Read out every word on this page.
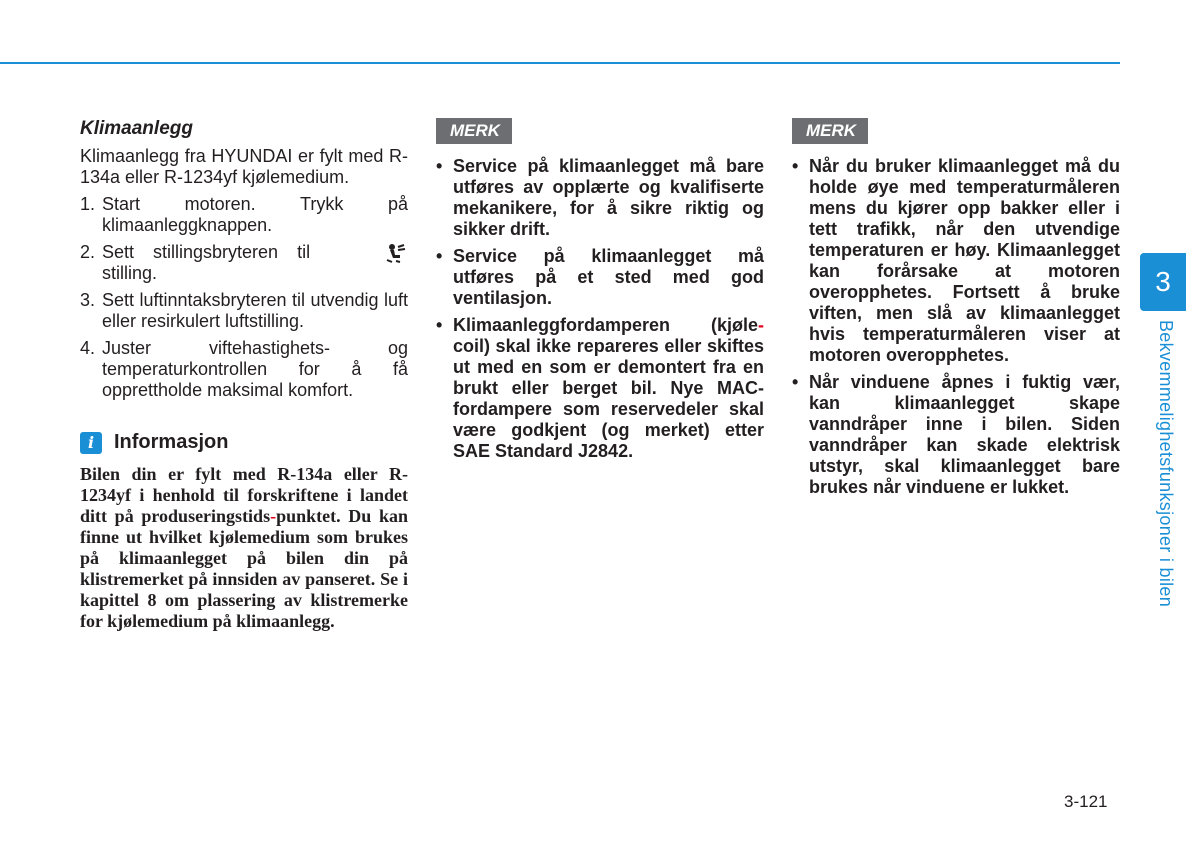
Klimaanlegg

Klimaanlegg fra HYUNDAI er fylt med R-134a eller R-1234yf kjølemedium.

1. Start motoren. Trykk på klimaanleggknappen.
2. Sett stillingsbryteren til
stilling.
3. Sett luftinntaksbryteren til utvendig luft eller resirkulert luftstilling.
4. Juster viftehastighets- og temperaturkontrollen for å få opprettholde maksimal komfort.
i Informasjon

Bilen din er fylt med R-134a eller R-1234yf i henhold til forskriftene i landet ditt på produseringstids-punktet. Du kan finne ut hvilket kjølemedium som brukes på klimaanlegget på bilen din på klistremerket på innsiden av panseret. Se i kapittel 8 om plassering av klistremerke for kjølemedium på klimaanlegg.

MERK
• Service på klimaanlegget må bare utføres av opplærte og kvalifiserte mekanikere, for å sikre riktig og sikker drift.
• Service på klimaanlegget må utføres på et sted med god ventilasjon.
• Klimaanleggfordamperen (kjøle-coil) skal ikke repareres eller skiftes ut med en som er demontert fra en brukt eller berget bil. Nye MAC-fordampere som reservedeler skal være godkjent (og merket) etter SAE Standard J2842.
MERK
• Når du bruker klimaanlegget må du holde øye med temperaturmåleren mens du kjører opp bakker eller i tett trafikk, når den utvendige temperaturen er høy. Klimaanlegget kan forårsake at motoren overopphetes. Fortsett å bruke viften, men slå av klimaanlegget hvis temperaturmåleren viser at motoren overopphetes.
• Når vinduene åpnes i fuktig vær, kan klimaanlegget skape vanndråper inne i bilen. Siden vanndråper kan skade elektrisk utstyr, skal klimaanlegget bare brukes når vinduene er lukket.
3
Bekvemmelighetsfunksjoner i bilen
3-121
